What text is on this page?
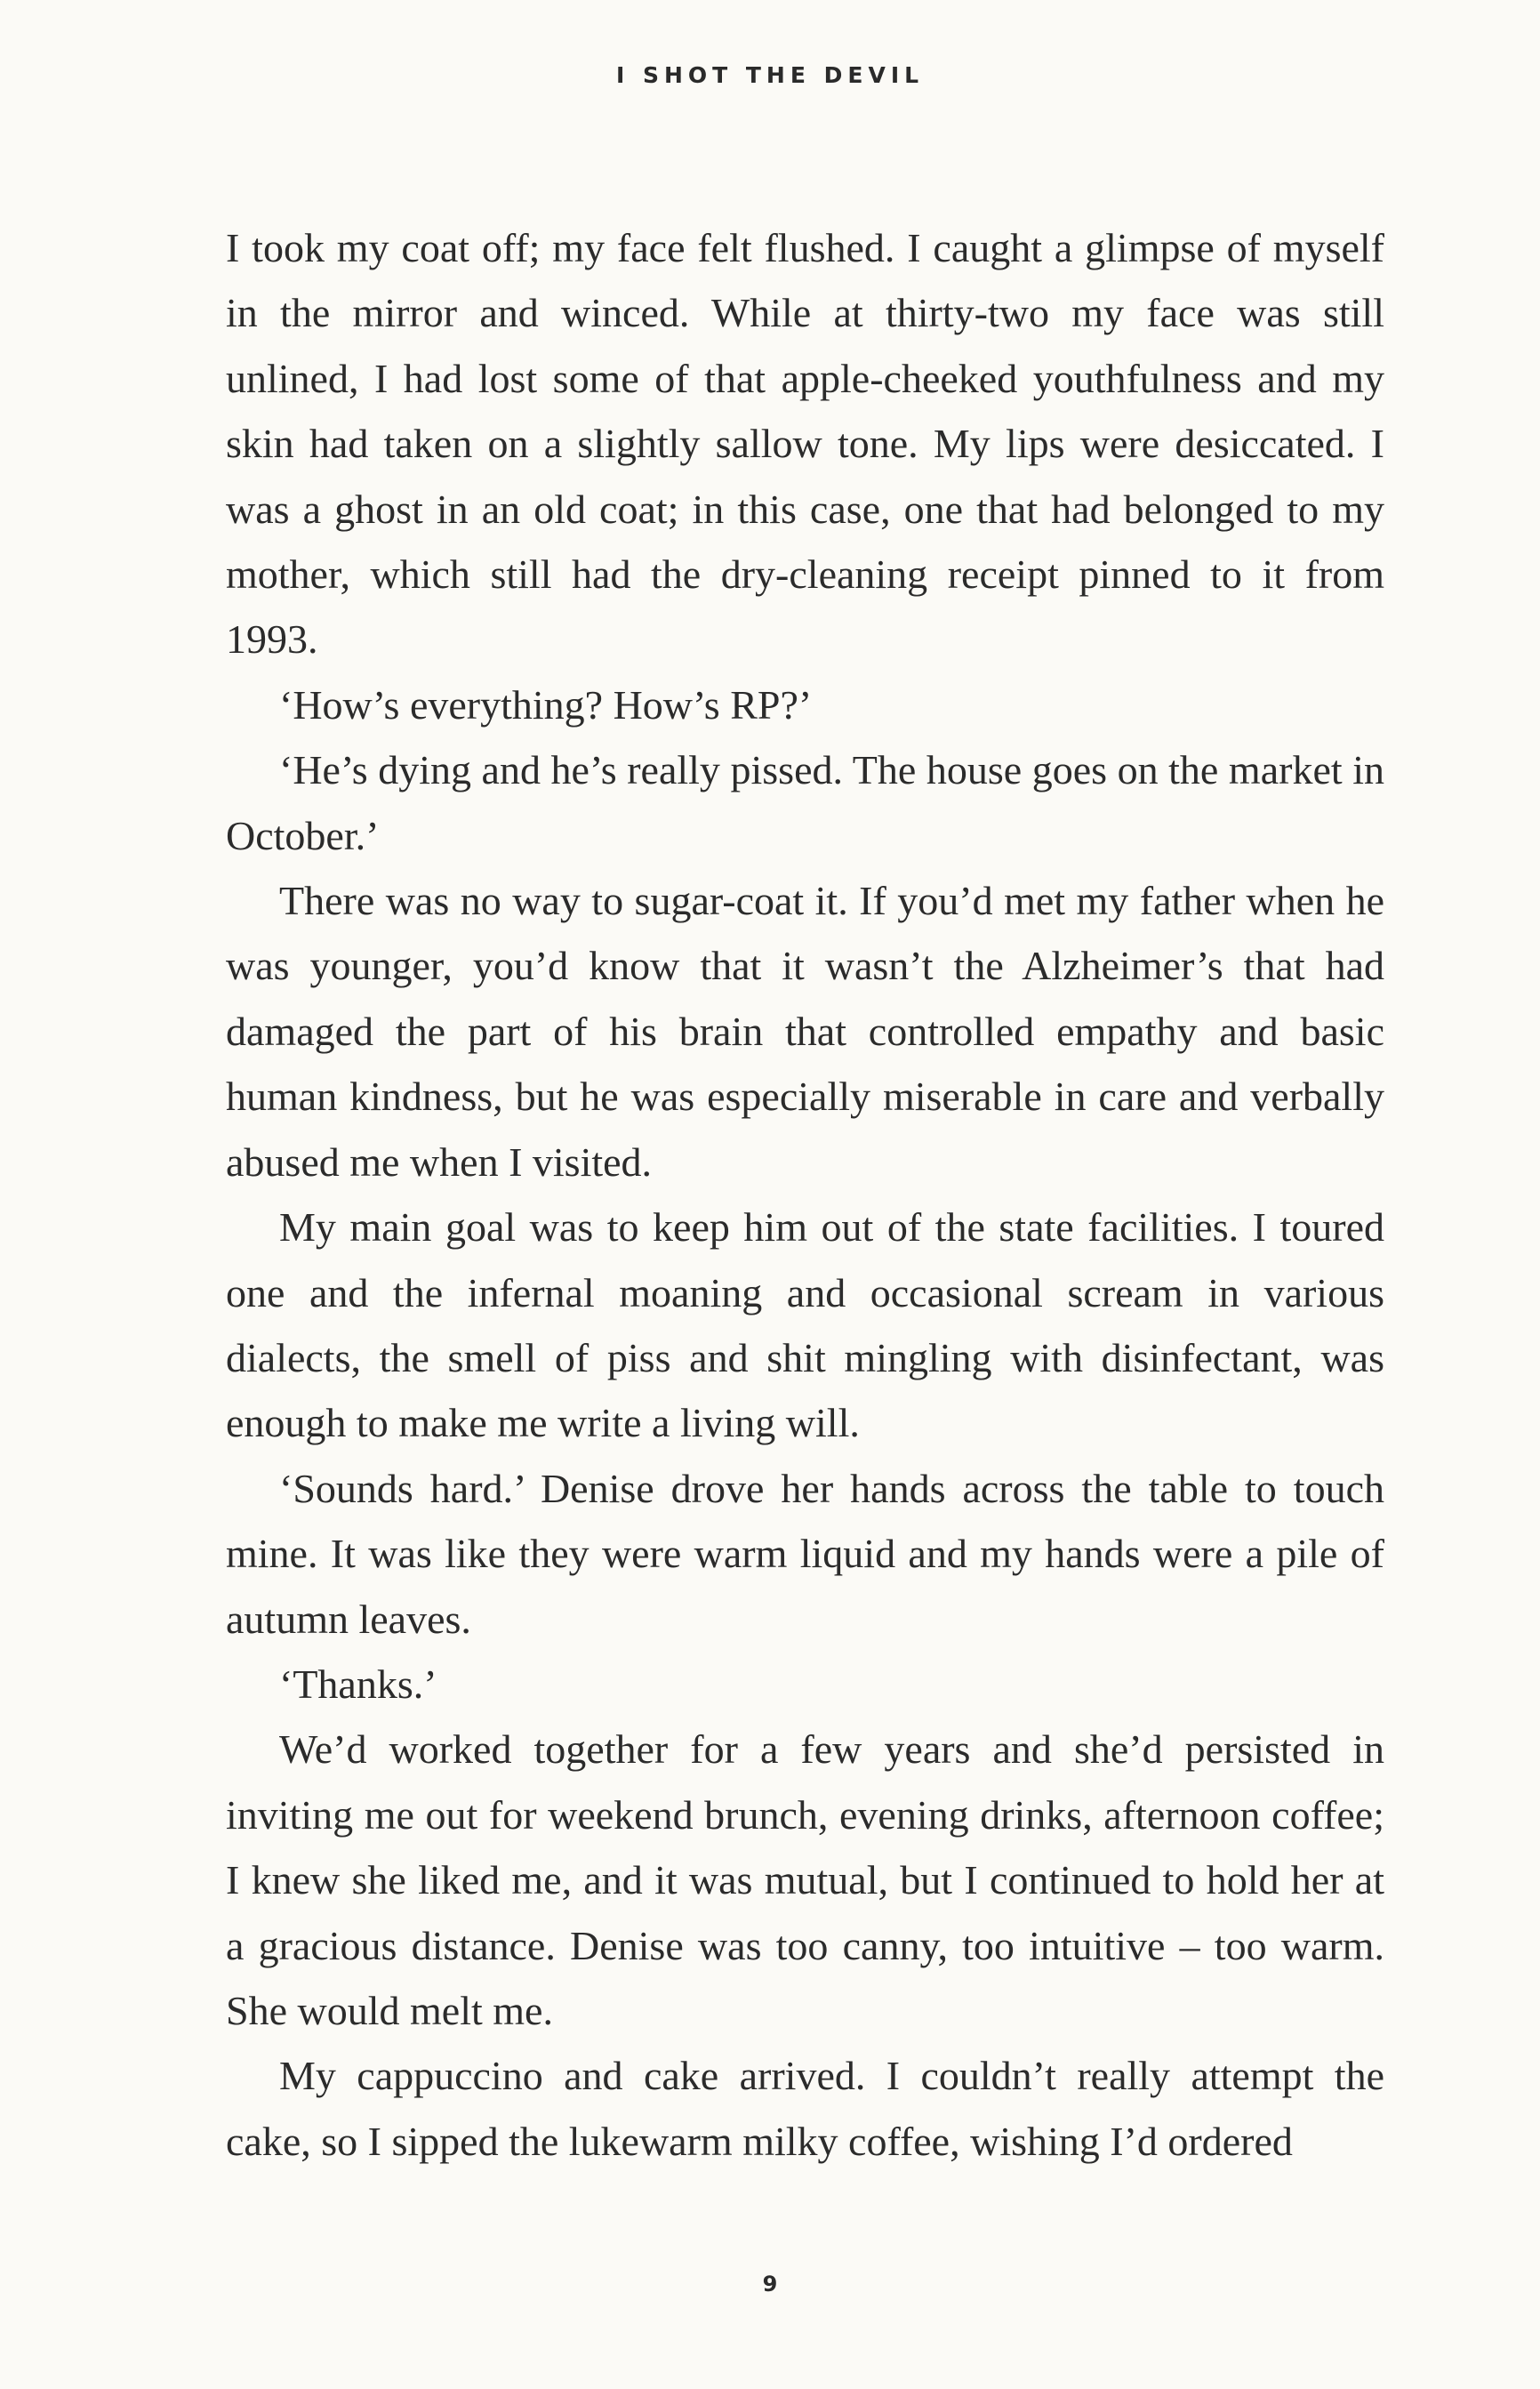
I SHOT THE DEVIL

I took my coat off; my face felt flushed. I caught a glimpse of myself in the mirror and winced. While at thirty-two my face was still unlined, I had lost some of that apple-cheeked youthfulness and my skin had taken on a slightly sallow tone. My lips were desiccated. I was a ghost in an old coat; in this case, one that had belonged to my mother, which still had the dry-cleaning receipt pinned to it from 1993.

‘How’s everything? How’s RP?’

‘He’s dying and he’s really pissed. The house goes on the market in October.’

There was no way to sugar-coat it. If you’d met my father when he was younger, you’d know that it wasn’t the Alzheimer’s that had damaged the part of his brain that controlled empathy and basic human kindness, but he was especially miserable in care and verbally abused me when I visited.

My main goal was to keep him out of the state facilities. I toured one and the infernal moaning and occasional scream in various dialects, the smell of piss and shit mingling with disinfectant, was enough to make me write a living will.

‘Sounds hard.’ Denise drove her hands across the table to touch mine. It was like they were warm liquid and my hands were a pile of autumn leaves.

‘Thanks.’

We’d worked together for a few years and she’d persisted in inviting me out for weekend brunch, evening drinks, afternoon coffee; I knew she liked me, and it was mutual, but I continued to hold her at a gracious distance. Denise was too canny, too intuitive – too warm. She would melt me.

My cappuccino and cake arrived. I couldn’t really attempt the cake, so I sipped the lukewarm milky coffee, wishing I’d ordered

9
